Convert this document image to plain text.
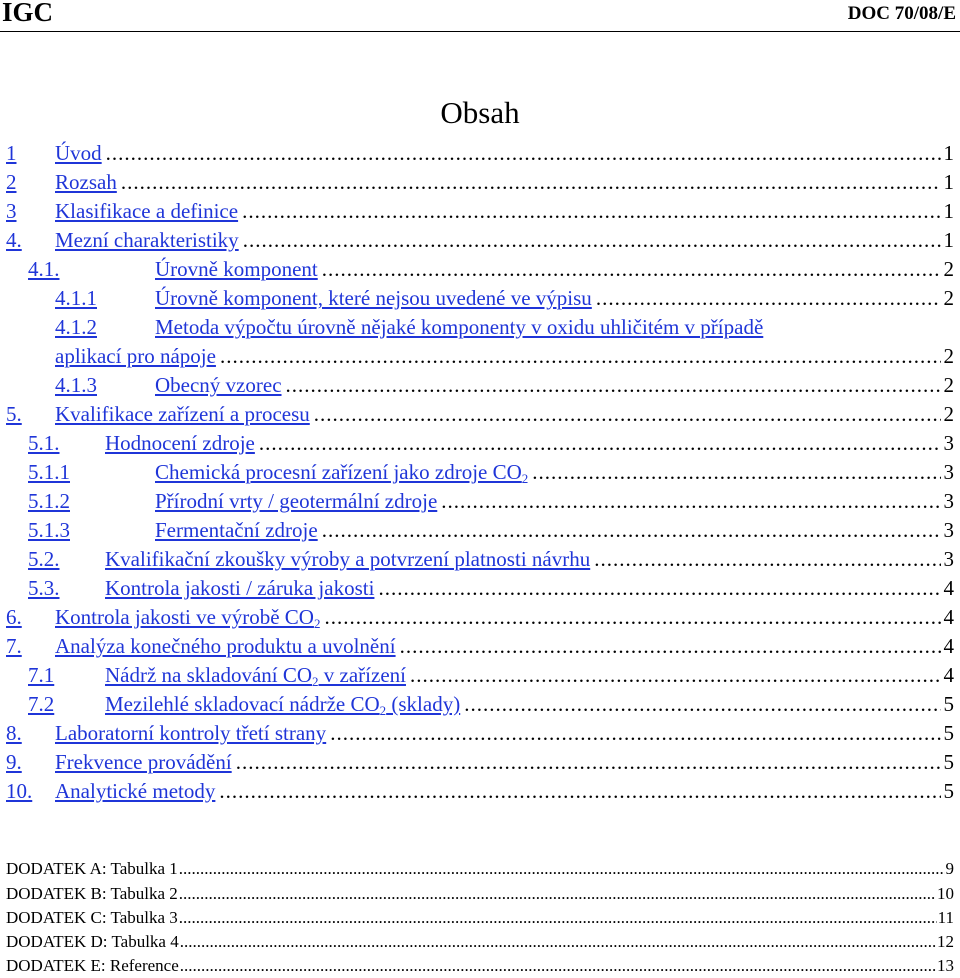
IGC	DOC 70/08/E
Obsah
1 Úvod .....	1
2 Rozsah .....	1
3 Klasifikace a definice .....	1
4. Mezní charakteristiky .....	1
4.1.	Úrovně komponent .....	2
4.1.1	Úrovně komponent, které nejsou uvedené ve výpisu .....	2
4.1.2	Metoda výpočtu úrovně nějaké komponenty v oxidu uhličitém v případě
aplikací pro nápoje .....	2
4.1.3	Obecný vzorec .....	2
5. Kvalifikace zařízení a procesu .....	2
5.1. Hodnocení zdroje .....	3
5.1.1	Chemická procesní zařízení jako zdroje $CO_2$ .....	3
5.1.2	Přírodní vrty / geotermální zdroje .....	3
5.1.3	Fermentační zdroje .....	3
5.2. Kvalifikační zkoušky výroby a potvrzení platnosti návrhu .....	3
5.3. Kontrola jakosti / záruka jakosti .....	4
6. Kontrola jakosti ve výrobě $CO_2$ .....	4
7. Analýza konečného produktu a uvolnění .....	4
7.1 Nádrž na skladování $CO_2$ v zařízení .....	4
7.2 Mezilehlé skladovací nádrže $CO_2$ (sklady) .....	5
8. Laboratorní kontroly třetí strany .....	5
9. Frekvence provádění .....	5
10. Analytické metody .....	5
DODATEK A: Tabulka 1 .....	9
DODATEK B: Tabulka 2 .....	10
DODATEK C: Tabulka 3 .....	11
DODATEK D: Tabulka 4 .....	12
DODATEK E: Reference .....	13
